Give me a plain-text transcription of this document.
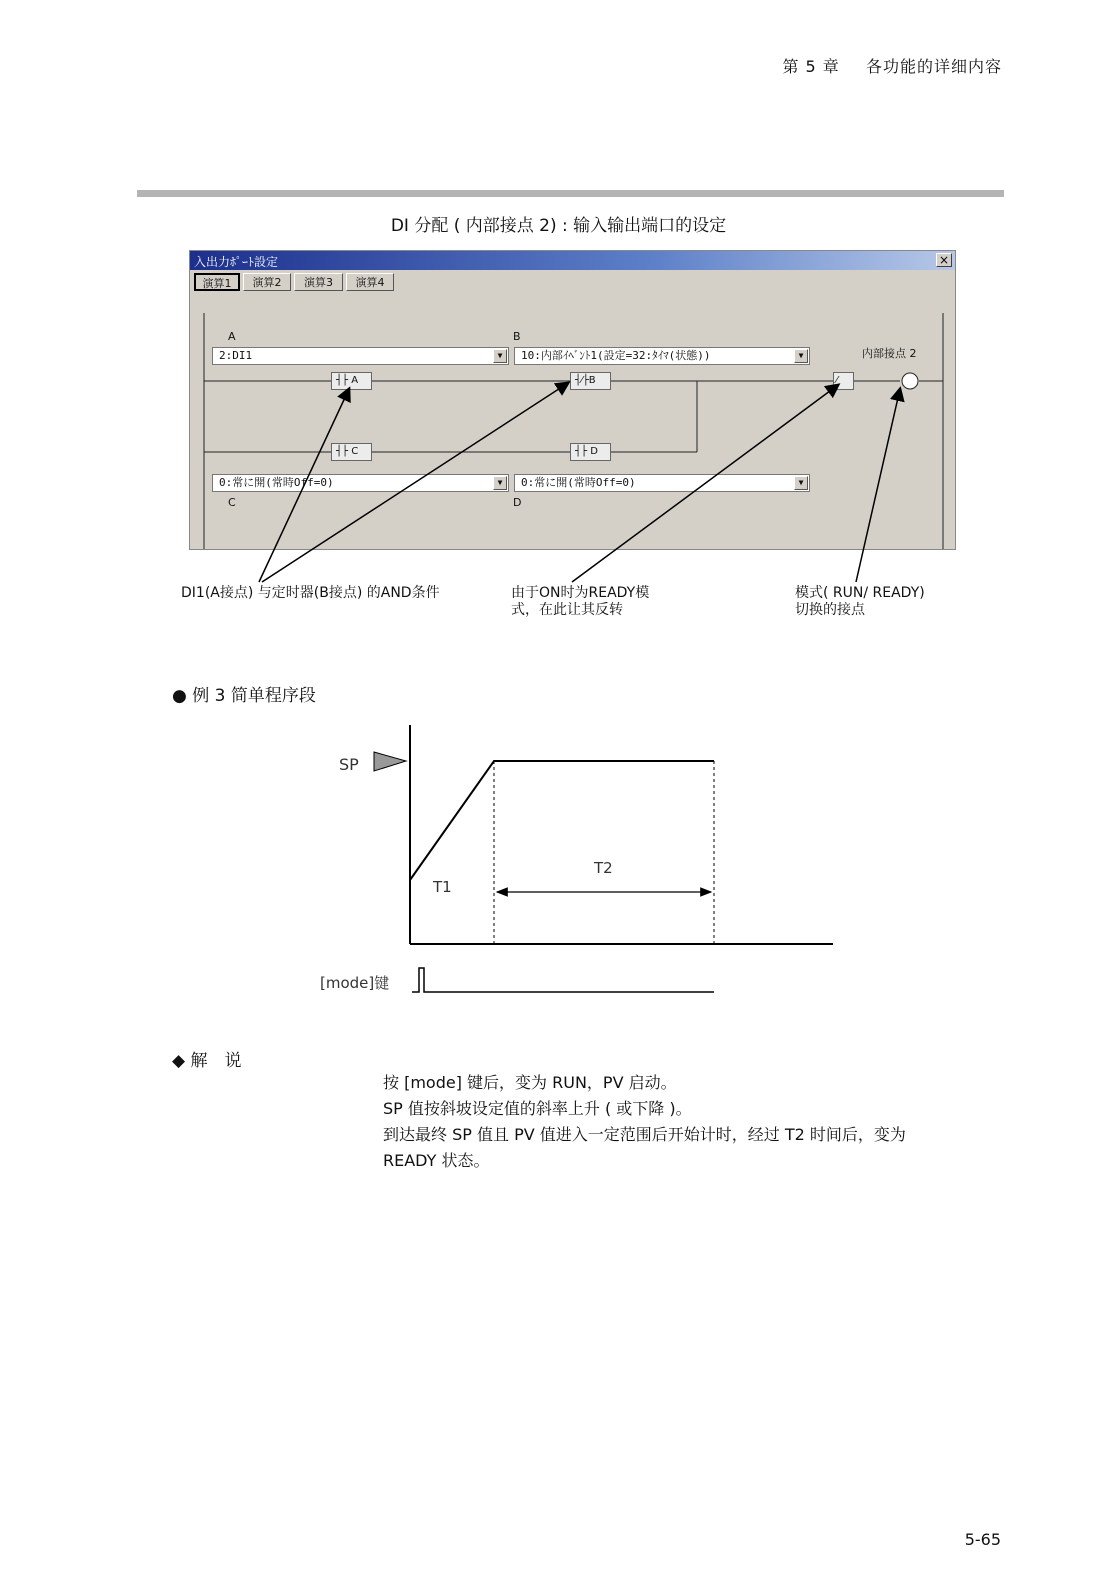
第 5 章 各功能的详细内容
DI 分配 ( 内部接点 2) : 输入输出端口的设定
入出力ﾎﾟｰﾄ設定	×
演算1	演算2	演算3	演算4
A	B
C	D
内部接点 2
2:DI1	▼	10:内部ｲﾍﾞﾝﾄ1(設定=32:ﾀｲﾏ(状態))	▼
0:常に開(常時Off=0)	▼	0:常に開(常時Off=0)	▼
┤├ A	┤⁄├B
┤├ C	┤├ D
⁄
DI1(A接点) 与定时器(B接点) 的AND条件	由于ON时为READY模
式，在此让其反转
模式( RUN/ READY)
切换的接点
● 例 3 简单程序段
SP
T1
T2
[mode]键
◆ 解　说
按 [mode] 键后，变为 RUN，PV 启动。
SP 值按斜坡设定值的斜率上升 ( 或下降 )。
到达最终 SP 值且 PV 值进入一定范围后开始计时，经过 T2 时间后，变为
READY 状态。
5-65
